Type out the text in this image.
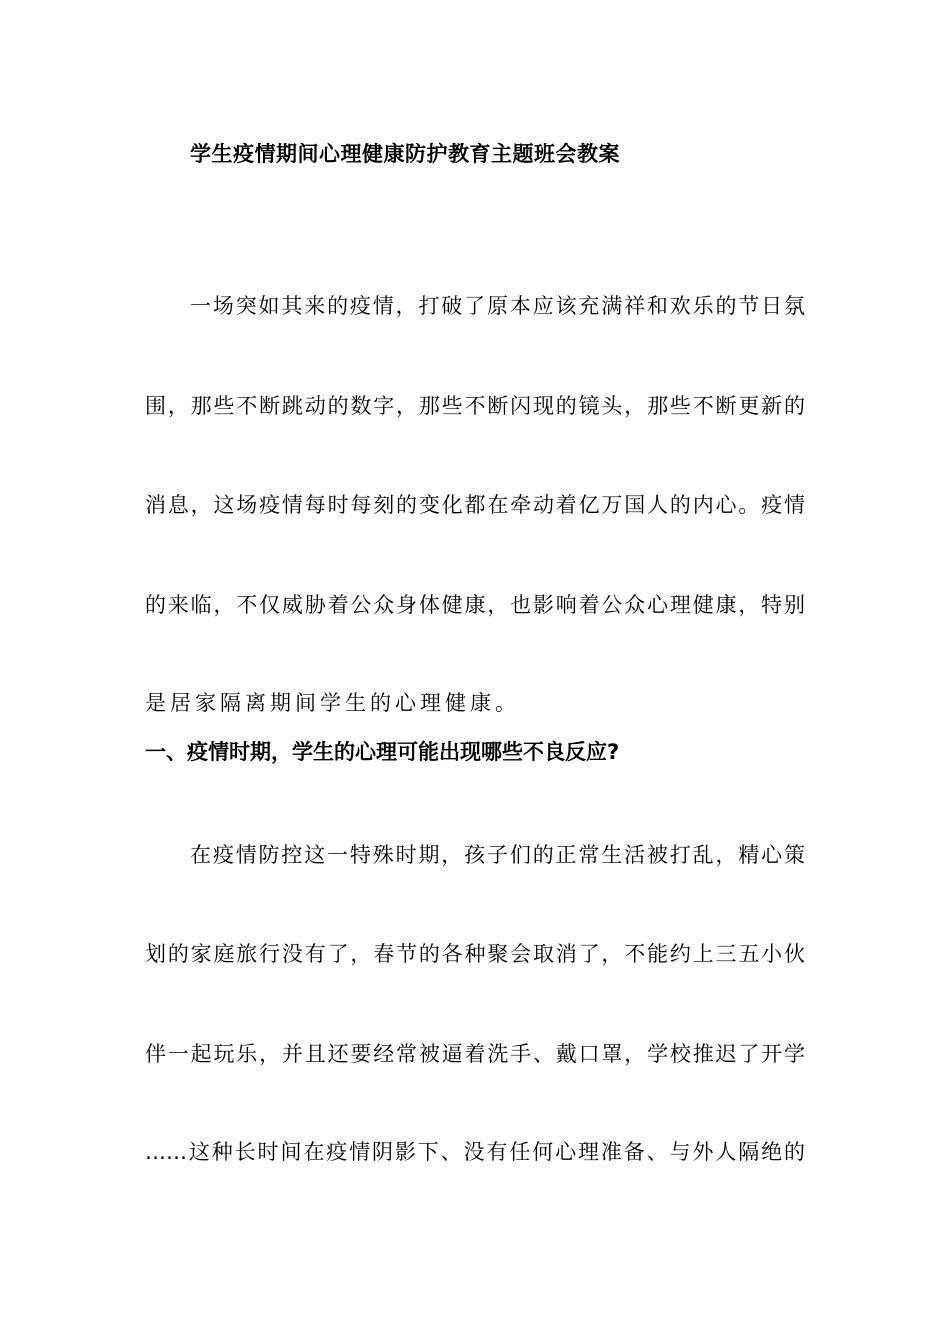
学生疫情期间心理健康防护教育主题班会教案
一场突如其来的疫情，打破了原本应该充满祥和欢乐的节日氛
围，那些不断跳动的数字，那些不断闪现的镜头，那些不断更新的
消息，这场疫情每时每刻的变化都在牵动着亿万国人的内心。疫情
的来临，不仅威胁着公众身体健康，也影响着公众心理健康，特别
是居家隔离期间学生的心理健康。
一、疫情时期，学生的心理可能出现哪些不良反应?
在疫情防控这一特殊时期，孩子们的正常生活被打乱，精心策
划的家庭旅行没有了，春节的各种聚会取消了，不能约上三五小伙
伴一起玩乐，并且还要经常被逼着洗手、戴口罩，学校推迟了开学
……这种长时间在疫情阴影下、没有任何心理准备、与外人隔绝的
